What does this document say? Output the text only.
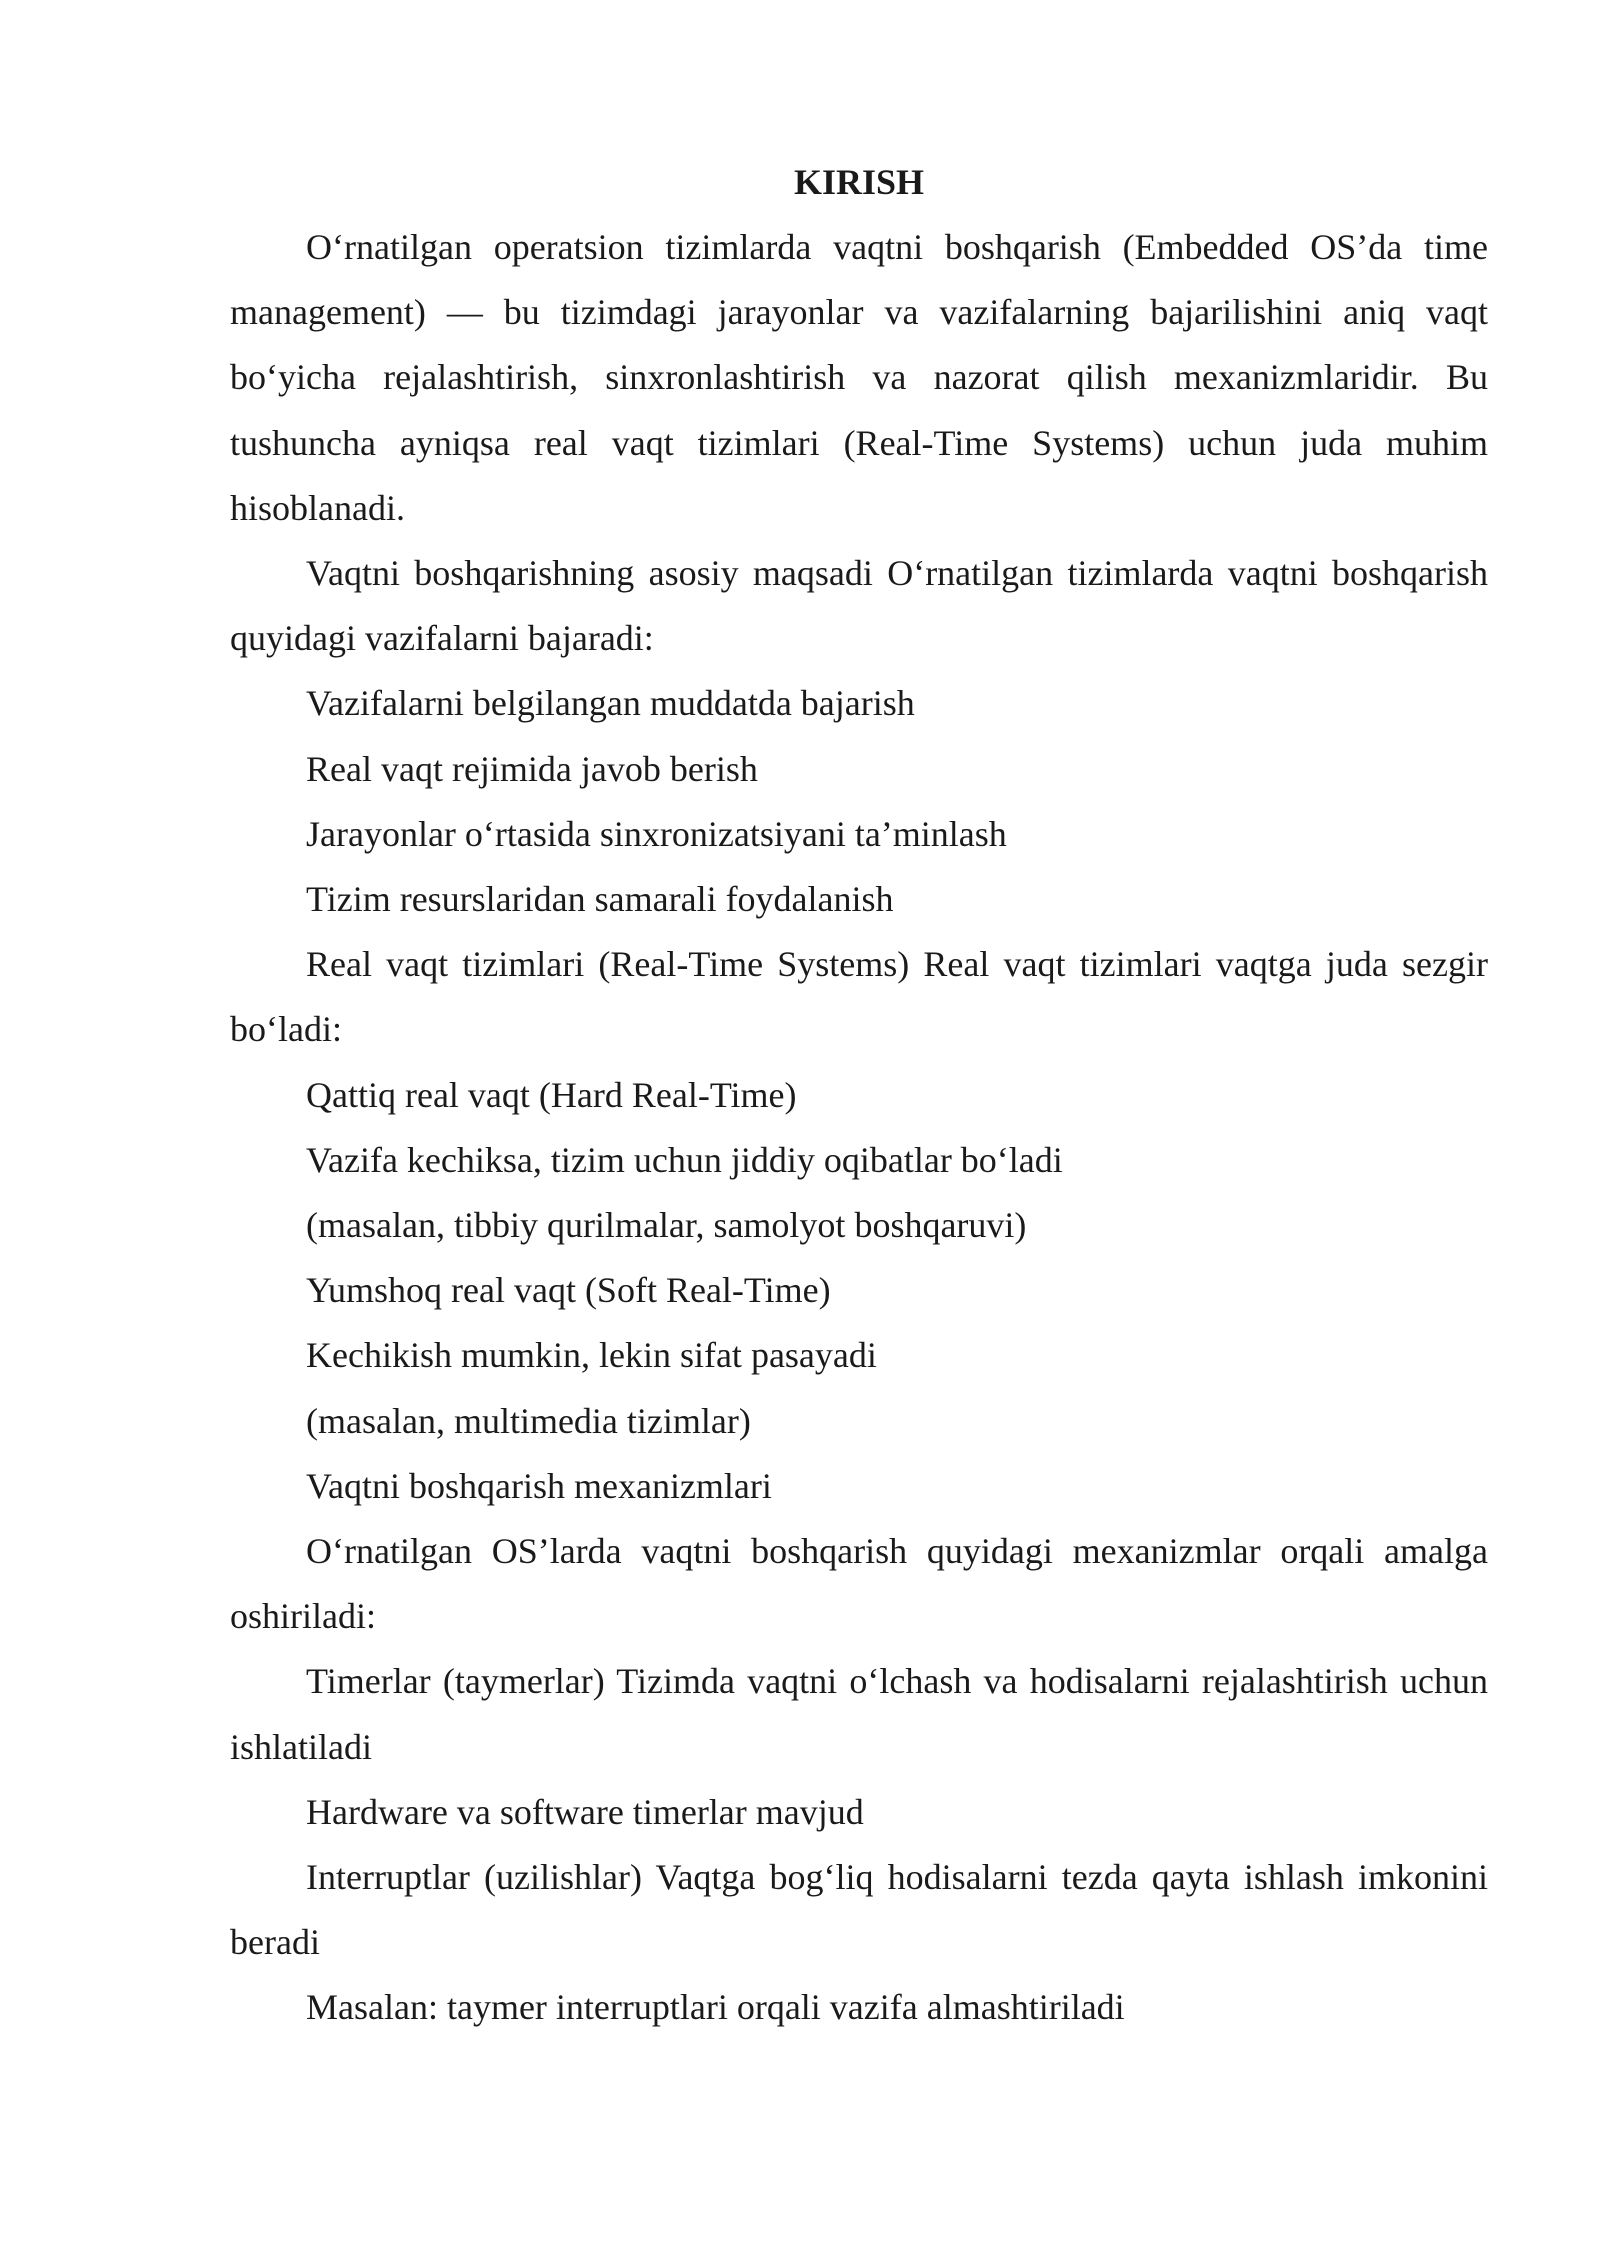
KIRISH

O‘rnatilgan operatsion tizimlarda vaqtni boshqarish (Embedded OS’da time management) — bu tizimdagi jarayonlar va vazifalarning bajarilishini aniq vaqt bo‘yicha rejalashtirish, sinxronlashtirish va nazorat qilish mexanizmlaridir. Bu tushuncha ayniqsa real vaqt tizimlari (Real-Time Systems) uchun juda muhim hisoblanadi.

Vaqtni boshqarishning asosiy maqsadi O‘rnatilgan tizimlarda vaqtni boshqarish quyidagi vazifalarni bajaradi:

Vazifalarni belgilangan muddatda bajarish

Real vaqt rejimida javob berish

Jarayonlar o‘rtasida sinxronizatsiyani ta’minlash

Tizim resurslaridan samarali foydalanish

Real vaqt tizimlari (Real-Time Systems) Real vaqt tizimlari vaqtga juda sezgir bo‘ladi:

Qattiq real vaqt (Hard Real-Time)

Vazifa kechiksa, tizim uchun jiddiy oqibatlar bo‘ladi

(masalan, tibbiy qurilmalar, samolyot boshqaruvi)

Yumshoq real vaqt (Soft Real-Time)

Kechikish mumkin, lekin sifat pasayadi

(masalan, multimedia tizimlar)

Vaqtni boshqarish mexanizmlari

O‘rnatilgan OS’larda vaqtni boshqarish quyidagi mexanizmlar orqali amalga oshiriladi:

Timerlar (taymerlar) Tizimda vaqtni o‘lchash va hodisalarni rejalashtirish uchun ishlatiladi

Hardware va software timerlar mavjud

Interruptlar (uzilishlar) Vaqtga bog‘liq hodisalarni tezda qayta ishlash imkonini beradi

Masalan: taymer interruptlari orqali vazifa almashtiriladi
